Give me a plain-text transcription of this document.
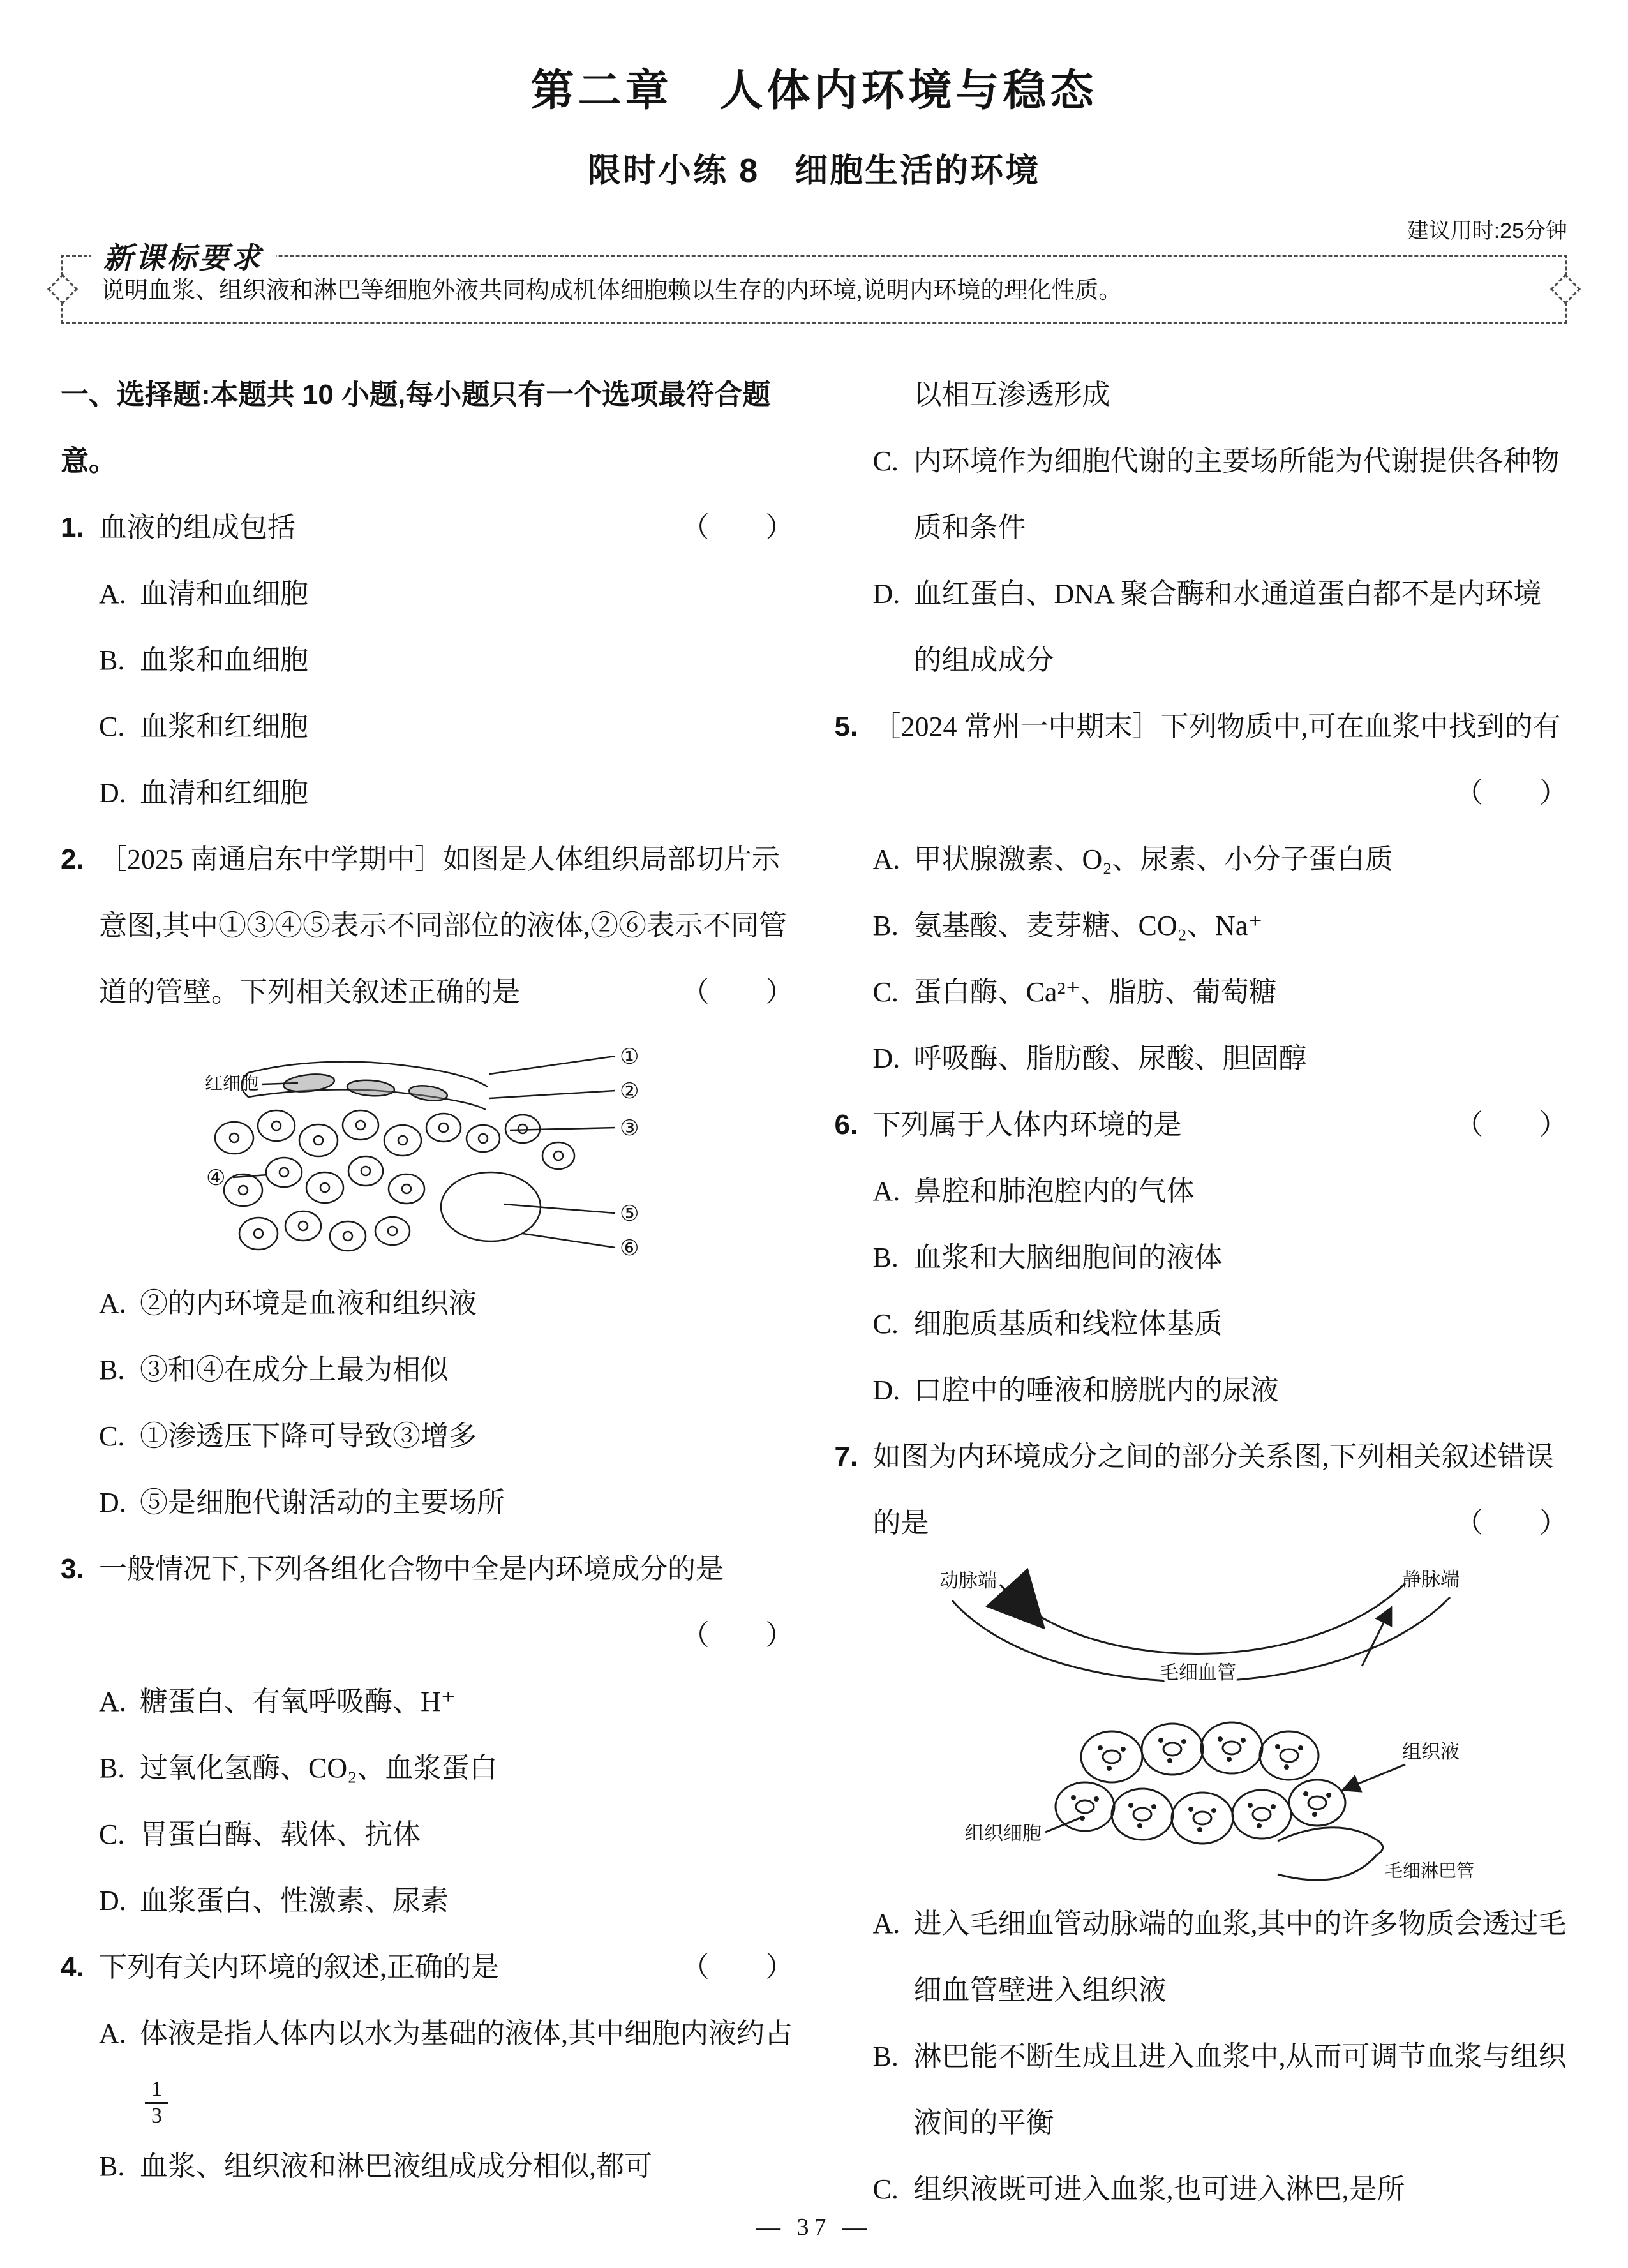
第二章　人体内环境与稳态
限时小练 8　细胞生活的环境
建议用时:25分钟
新课标要求
说明血浆、组织液和淋巴等细胞外液共同构成机体细胞赖以生存的内环境,说明内环境的理化性质。
一、选择题:本题共 10 小题,每小题只有一个选项最符合题意。
1. 血液的组成包括	（　　）
A. 血清和血细胞
B. 血浆和血细胞
C. 血浆和红细胞
D. 血清和红细胞
2. ［2025 南通启东中学期中］如图是人体组织局部切片示意图,其中①③④⑤表示不同部位的液体,②⑥表示不同管道的管壁。下列相关叙述正确的是	（　　）
红细胞
①
②
③
④
⑤
⑥
A. ②的内环境是血液和组织液
B. ③和④在成分上最为相似
C. ①渗透压下降可导致③增多
D. ⑤是细胞代谢活动的主要场所
3. 一般情况下,下列各组化合物中全是内环境成分的是
（　　）
A. 糖蛋白、有氧呼吸酶、H⁺
B. 过氧化氢酶、CO₂、血浆蛋白
C. 胃蛋白酶、载体、抗体
D. 血浆蛋白、性激素、尿素
4. 下列有关内环境的叙述,正确的是	（　　）
A. 体液是指人体内以水为基础的液体,其中细胞内液约占
$\frac{1}{3}$
B. 血浆、组织液和淋巴液组成成分相似,都可
以相互渗透形成
C. 内环境作为细胞代谢的主要场所能为代谢提供各种物质和条件
D. 血红蛋白、DNA 聚合酶和水通道蛋白都不是内环境的组成成分
5. ［2024 常州一中期末］下列物质中,可在血浆中找到的有
（　　）
A. 甲状腺激素、O₂、尿素、小分子蛋白质
B. 氨基酸、麦芽糖、CO₂、Na⁺
C. 蛋白酶、Ca²⁺、脂肪、葡萄糖
D. 呼吸酶、脂肪酸、尿酸、胆固醇
6. 下列属于人体内环境的是	（　　）
A. 鼻腔和肺泡腔内的气体
B. 血浆和大脑细胞间的液体
C. 细胞质基质和线粒体基质
D. 口腔中的唾液和膀胱内的尿液
7. 如图为内环境成分之间的部分关系图,下列相关叙述错误的是	（　　）
动脉端	静脉端
毛细血管
组织细胞
组织液
毛细淋巴管
A. 进入毛细血管动脉端的血浆,其中的许多物质会透过毛细血管壁进入组织液
B. 淋巴能不断生成且进入血浆中,从而可调节血浆与组织液间的平衡
C. 组织液既可进入血浆,也可进入淋巴,是所
— 37 —
